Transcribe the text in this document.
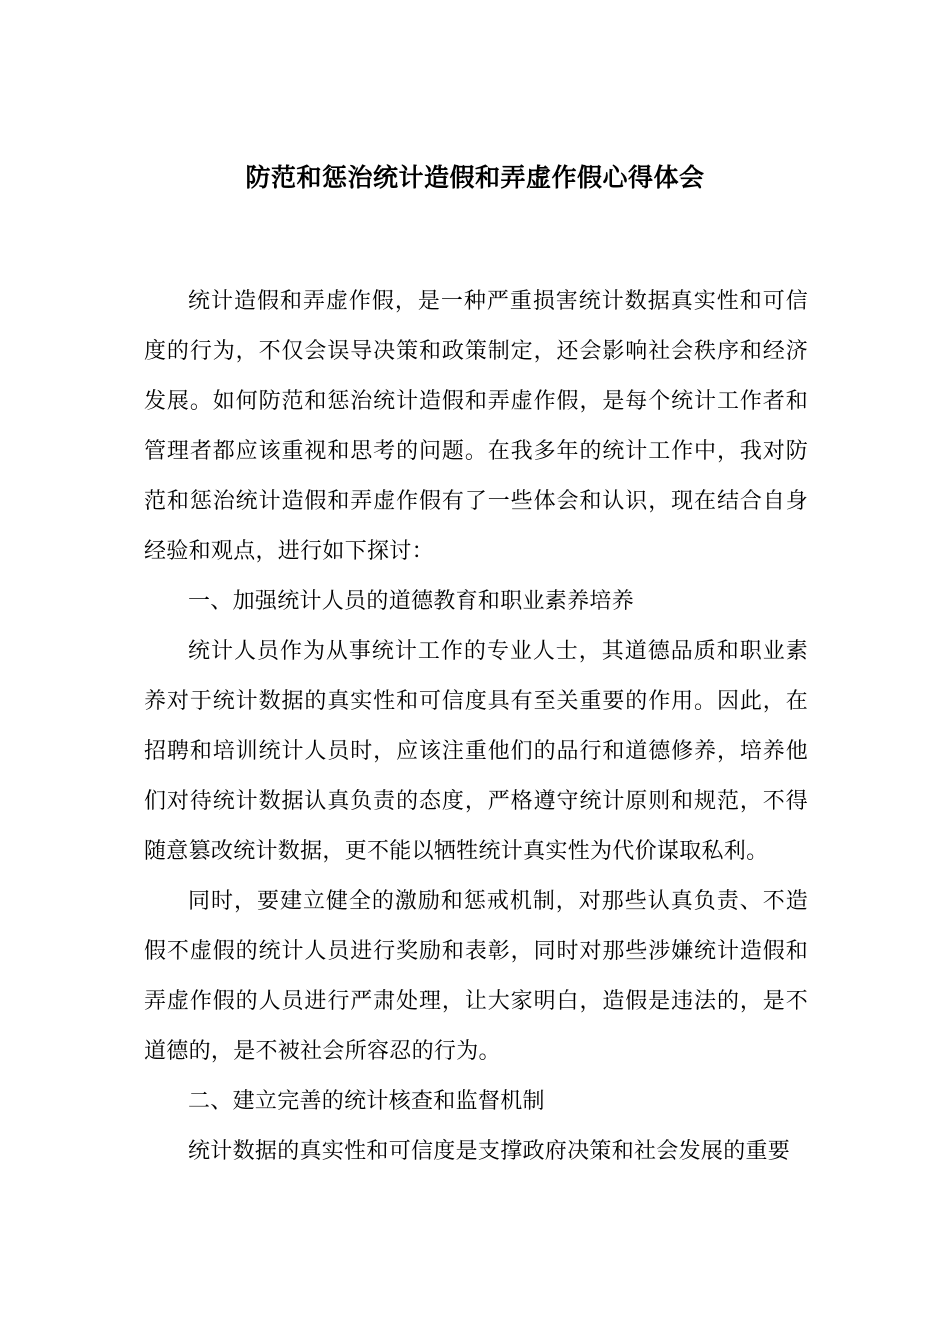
防范和惩治统计造假和弄虚作假心得体会

统计造假和弄虚作假，是一种严重损害统计数据真实性和可信度的行为，不仅会误导决策和政策制定，还会影响社会秩序和经济发展。如何防范和惩治统计造假和弄虚作假，是每个统计工作者和管理者都应该重视和思考的问题。在我多年的统计工作中，我对防范和惩治统计造假和弄虚作假有了一些体会和认识，现在结合自身经验和观点，进行如下探讨：

一、加强统计人员的道德教育和职业素养培养

统计人员作为从事统计工作的专业人士，其道德品质和职业素养对于统计数据的真实性和可信度具有至关重要的作用。因此，在招聘和培训统计人员时，应该注重他们的品行和道德修养，培养他们对待统计数据认真负责的态度，严格遵守统计原则和规范，不得随意篡改统计数据，更不能以牺牲统计真实性为代价谋取私利。

同时，要建立健全的激励和惩戒机制，对那些认真负责、不造假不虚假的统计人员进行奖励和表彰，同时对那些涉嫌统计造假和弄虚作假的人员进行严肃处理，让大家明白，造假是违法的，是不道德的，是不被社会所容忍的行为。

二、建立完善的统计核查和监督机制

统计数据的真实性和可信度是支撑政府决策和社会发展的重要
